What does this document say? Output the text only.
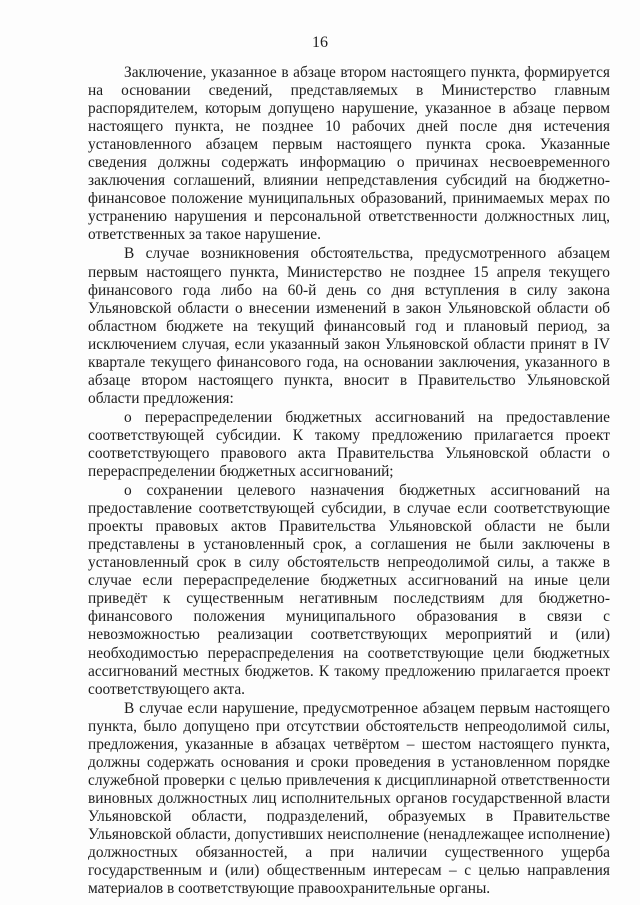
16

Заключение, указанное в абзаце втором настоящего пункта, формируется на основании сведений, представляемых в Министерство главным распорядителем, которым допущено нарушение, указанное в абзаце первом настоящего пункта, не позднее 10 рабочих дней после дня истечения установленного абзацем первым настоящего пункта срока. Указанные сведения должны содержать информацию о причинах несвоевременного заключения соглашений, влиянии непредставления субсидий на бюджетно-финансовое положение муниципальных образований, принимаемых мерах по устранению нарушения и персональной ответственности должностных лиц, ответственных за такое нарушение.

В случае возникновения обстоятельства, предусмотренного абзацем первым настоящего пункта, Министерство не позднее 15 апреля текущего финансового года либо на 60-й день со дня вступления в силу закона Ульяновской области о внесении изменений в закон Ульяновской области об областном бюджете на текущий финансовый год и плановый период, за исключением случая, если указанный закон Ульяновской области принят в IV квартале текущего финансового года, на основании заключения, указанного в абзаце втором настоящего пункта, вносит в Правительство Ульяновской области предложения:

о перераспределении бюджетных ассигнований на предоставление соответствующей субсидии. К такому предложению прилагается проект соответствующего правового акта Правительства Ульяновской области о перераспределении бюджетных ассигнований;

о сохранении целевого назначения бюджетных ассигнований на предоставление соответствующей субсидии, в случае если соответствующие проекты правовых актов Правительства Ульяновской области не были представлены в установленный срок, а соглашения не были заключены в установленный срок в силу обстоятельств непреодолимой силы, а также в случае если перераспределение бюджетных ассигнований на иные цели приведёт к существенным негативным последствиям для бюджетно-финансового положения муниципального образования в связи с невозможностью реализации соответствующих мероприятий и (или) необходимостью перераспределения на соответствующие цели бюджетных ассигнований местных бюджетов. К такому предложению прилагается проект соответствующего акта.

В случае если нарушение, предусмотренное абзацем первым настоящего пункта, было допущено при отсутствии обстоятельств непреодолимой силы, предложения, указанные в абзацах четвёртом – шестом настоящего пункта, должны содержать основания и сроки проведения в установленном порядке служебной проверки с целью привлечения к дисциплинарной ответственности виновных должностных лиц исполнительных органов государственной власти Ульяновской области, подразделений, образуемых в Правительстве Ульяновской области, допустивших неисполнение (ненадлежащее исполнение) должностных обязанностей, а при наличии существенного ущерба государственным и (или) общественным интересам – с целью направления материалов в соответствующие правоохранительные органы.
